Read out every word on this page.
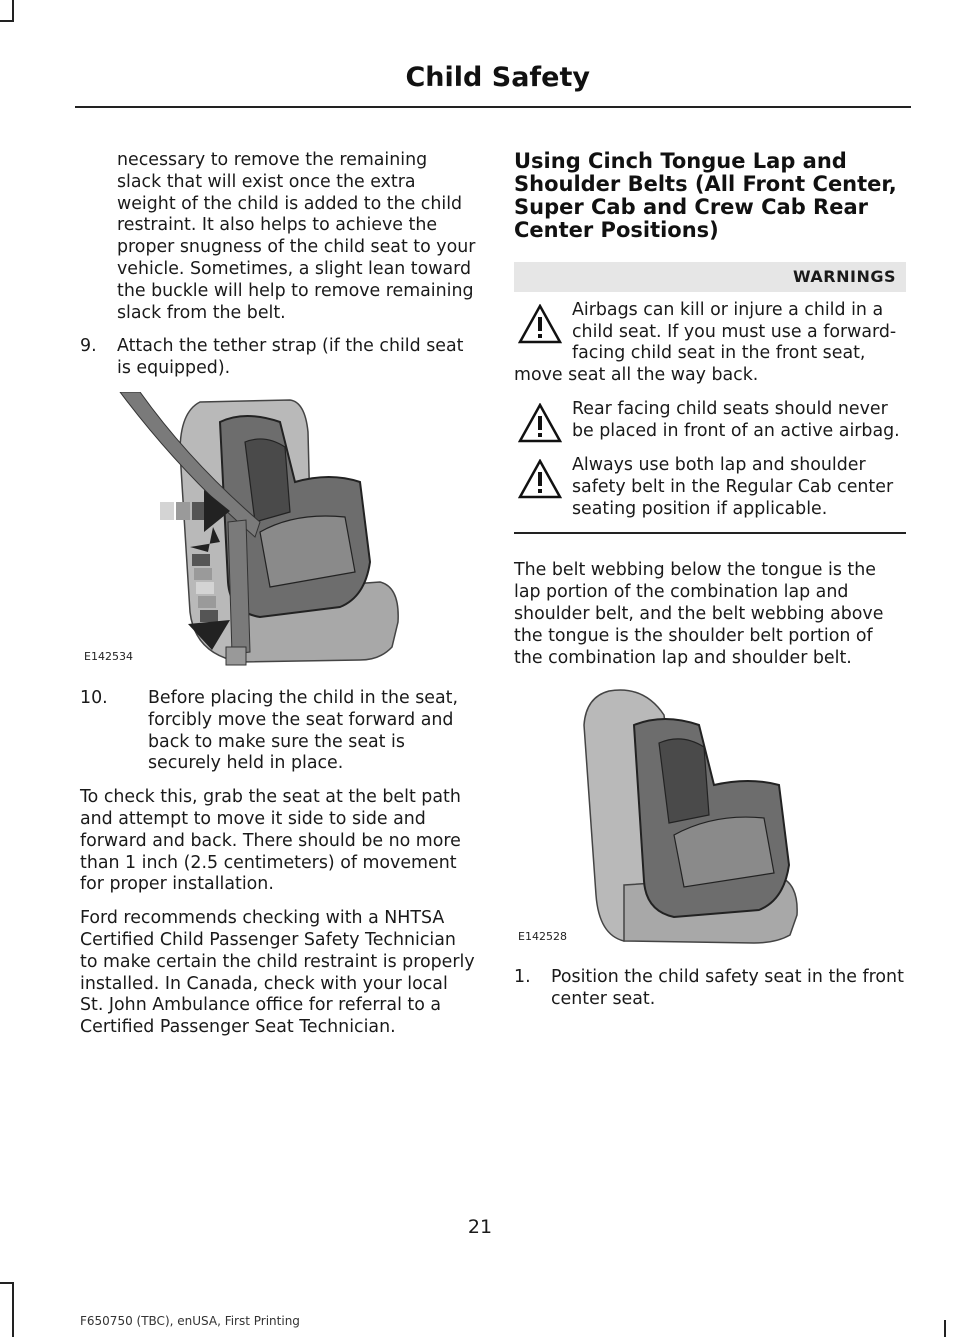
Child Safety

necessary to remove the remaining slack that will exist once the extra weight of the child is added to the child restraint. It also helps to achieve the proper snugness of the child seat to your vehicle. Sometimes, a slight lean toward the buckle will help to remove remaining slack from the belt.

9. Attach the tether strap (if the child seat is equipped).
E142534
10. Before placing the child in the seat, forcibly move the seat forward and back to make sure the seat is securely held in place.

To check this, grab the seat at the belt path and attempt to move it side to side and forward and back. There should be no more than 1 inch (2.5 centimeters) of movement for proper installation.

Ford recommends checking with a NHTSA Certified Child Passenger Safety Technician to make certain the child restraint is properly installed. In Canada, check with your local St. John Ambulance office for referral to a Certified Passenger Seat Technician.

Using Cinch Tongue Lap and Shoulder Belts (All Front Center, Super Cab and Crew Cab Rear Center Positions)
WARNINGS
Airbags can kill or injure a child in a child seat. If you must use a forward-facing child seat in the front seat, move seat all the way back.
Rear facing child seats should never be placed in front of an active airbag.
Always use both lap and shoulder safety belt in the Regular Cab center seating position if applicable.

The belt webbing below the tongue is the lap portion of the combination lap and shoulder belt, and the belt webbing above the tongue is the shoulder belt portion of the combination lap and shoulder belt.

E142528
1. Position the child safety seat in the front center seat.
21
F650750 (TBC), enUSA, First Printing
